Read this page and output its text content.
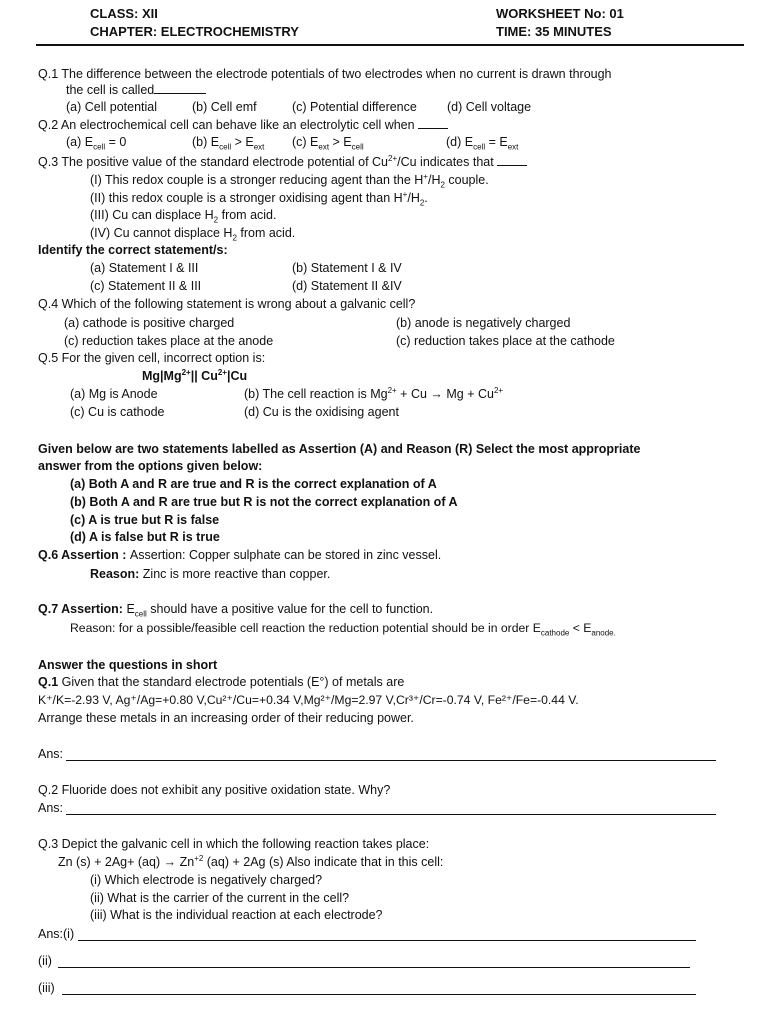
CLASS: XII
CHAPTER: ELECTROCHEMISTRY
WORKSHEET No: 01
TIME: 35 MINUTES
Q.1 The difference between the electrode potentials of two electrodes when no current is drawn through
the cell is called
(a) Cell potential	(b) Cell emf	(c) Potential difference (d) Cell voltage
Q.2 An electrochemical cell can behave like an electrolytic cell when
(a) $E_{cell} = 0$	(b) $E_{cell} > E_{ext}$ (c) $E_{ext} > E_{cell}$	(d) $E_{cell} = E_{ext}$
Q.3 The positive value of the standard electrode potential of $Cu^{2+}/Cu$ indicates that
(I) This redox couple is a stronger reducing agent than the $H^+/H_2$ couple.
(II) this redox couple is a stronger oxidising agent than $H^+/H_2$.
(III) Cu can displace $H_2$ from acid.
(IV) Cu cannot displace $H_2$ from acid.
Identify the correct statement/s:
(a) Statement I & III	(b) Statement I & IV
(c) Statement II & III	(d) Statement II &IV
Q.4 Which of the following statement is wrong about a galvanic cell?
(a) cathode is positive charged	(b) anode is negatively charged
(c) reduction takes place at the anode	(c) reduction takes place at the cathode
Q.5 For the given cell, incorrect option is:
$Mg|Mg^{2+}||$ $Cu^{2+}|Cu$
(a) Mg is Anode	(b) The cell reaction is $Mg^{2+} + Cu \to Mg + Cu^{2+}$
(c) Cu is cathode	(d) Cu is the oxidising agent
Given below are two statements labelled as Assertion (A) and Reason (R) Select the most appropriate
answer from the options given below:
(a) Both A and R are true and R is the correct explanation of A
(b) Both A and R are true but R is not the correct explanation of A
(c) A is true but R is false
(d) A is false but R is true
Q.6 Assertion : Assertion: Copper sulphate can be stored in zinc vessel.
Reason: Zinc is more reactive than copper.
Q.7 Assertion: $E_{cell}$ should have a positive value for the cell to function.
Reason: for a possible/feasible cell reaction the reduction potential should be in order $E_{cathode} < E_{anode.}$
Answer the questions in short
Q.1 Given that the standard electrode potentials (E°) of metals are
K⁺/K=-2.93 V, Ag⁺/Ag=+0.80 V,Cu²⁺/Cu=+0.34 V,Mg²⁺/Mg=2.97 V,Cr³⁺/Cr=-0.74 V, Fe²⁺/Fe=-0.44 V.
Arrange these metals in an increasing order of their reducing power.
Ans:
Q.2 Fluoride does not exhibit any positive oxidation state. Why?
Ans:
Q.3 Depict the galvanic cell in which the following reaction takes place:
Zn $(s) + 2Ag+ (aq) \to Zn^{+2}$ (aq) + 2Ag (s) Also indicate that in this cell:
(i) Which electrode is negatively charged?
(ii) What is the carrier of the current in the cell?
(iii) What is the individual reaction at each electrode?
Ans:(i)
(ii)
(iii)
